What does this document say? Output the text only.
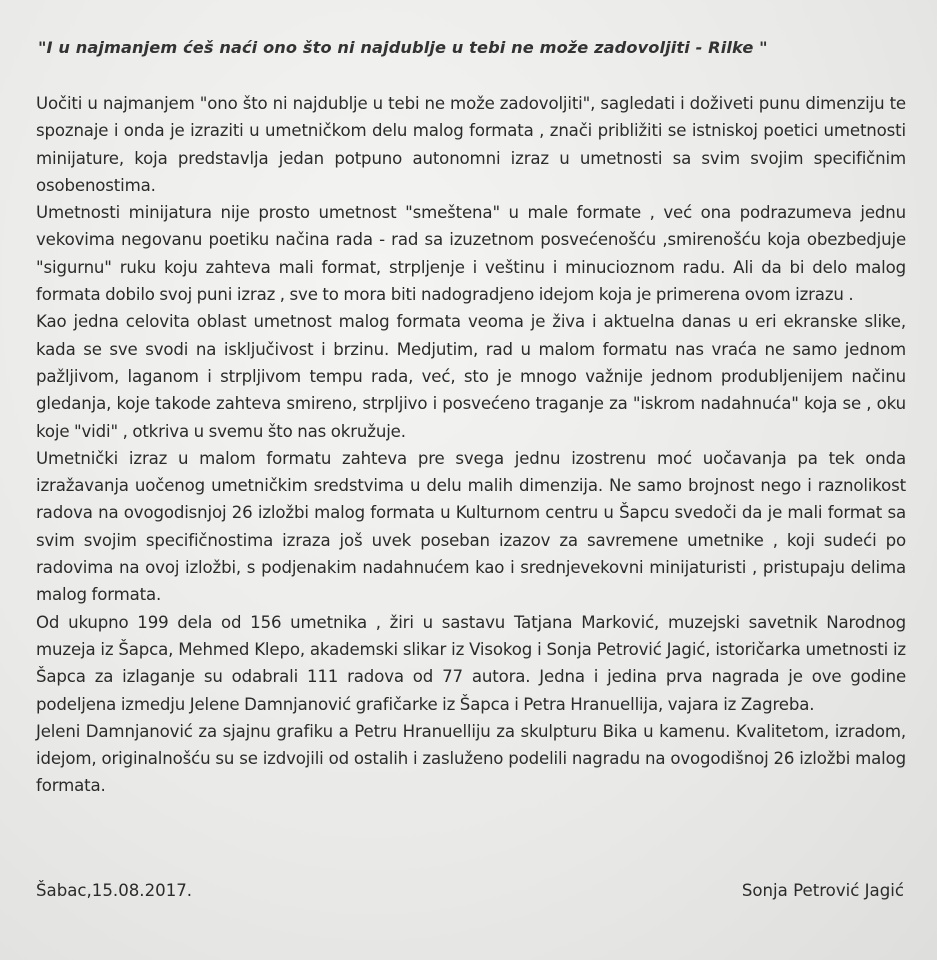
"I u najmanjem ćeš naći ono što ni najdublje u tebi ne može zadovoljiti - Rilke "

Uočiti u najmanjem "ono što ni najdublje u tebi ne može zadovoljiti", sagledati i doživeti punu dimenziju te spoznaje i onda je izraziti u umetničkom delu malog formata , znači približiti se istniskoj poetici umetnosti minijature, koja predstavlja jedan potpuno autonomni izraz u umetnosti sa svim svojim specifičnim osobenostima.

Umetnosti minijatura nije prosto umetnost "smeštena" u male formate , već ona podrazumeva jednu vekovima negovanu poetiku načina rada - rad sa izuzetnom posvećenošću ,smirenošću koja obezbedjuje "sigurnu" ruku koju zahteva mali format, strpljenje i veštinu i minucioznom radu. Ali da bi delo malog formata dobilo svoj puni izraz , sve to mora biti nadogradjeno idejom koja je primerena ovom izrazu .

Kao jedna celovita oblast umetnost malog formata veoma je živa i aktuelna danas u eri ekranske slike, kada se sve svodi na isključivost i brzinu. Medjutim, rad u malom formatu nas vraća ne samo jednom pažljivom, laganom i strpljivom tempu rada, već, sto je mnogo važnije jednom produbljenijem načinu gledanja, koje takode zahteva smireno, strpljivo i posvećeno traganje za "iskrom nadahnuća" koja se , oku koje "vidi" , otkriva u svemu što nas okružuje.

Umetnički izraz u malom formatu zahteva pre svega jednu izostrenu moć uočavanja pa tek onda izražavanja uočenog umetničkim sredstvima u delu malih dimenzija. Ne samo brojnost nego i raznolikost radova na ovogodisnjoj 26 izložbi malog formata u Kulturnom centru u Šapcu svedoči da je mali format sa svim svojim specifičnostima izraza još uvek poseban izazov za savremene umetnike , koji sudeći po radovima na ovoj izložbi, s podjenakim nadahnućem kao i srednjevekovni minijaturisti , pristupaju delima malog formata.

Od ukupno 199 dela od 156 umetnika , žiri u sastavu Tatjana Marković, muzejski savetnik Narodnog muzeja iz Šapca, Mehmed Klepo, akademski slikar iz Visokog i Sonja Petrović Jagić, istoričarka umetnosti iz Šapca za izlaganje su odabrali 111 radova od 77 autora. Jedna i jedina prva nagrada je ove godine podeljena izmedju Jelene Damnjanović grafičarke iz Šapca i Petra Hranuellija, vajara iz Zagreba.

Jeleni Damnjanović za sjajnu grafiku a Petru Hranuelliju za skulpturu Bika u kamenu. Kvalitetom, izradom, idejom, originalnošću su se izdvojili od ostalih i zasluženo podelili nagradu na ovogodišnoj 26 izložbi malog formata.

Šabac,15.08.2017.	Sonja Petrović Jagić
